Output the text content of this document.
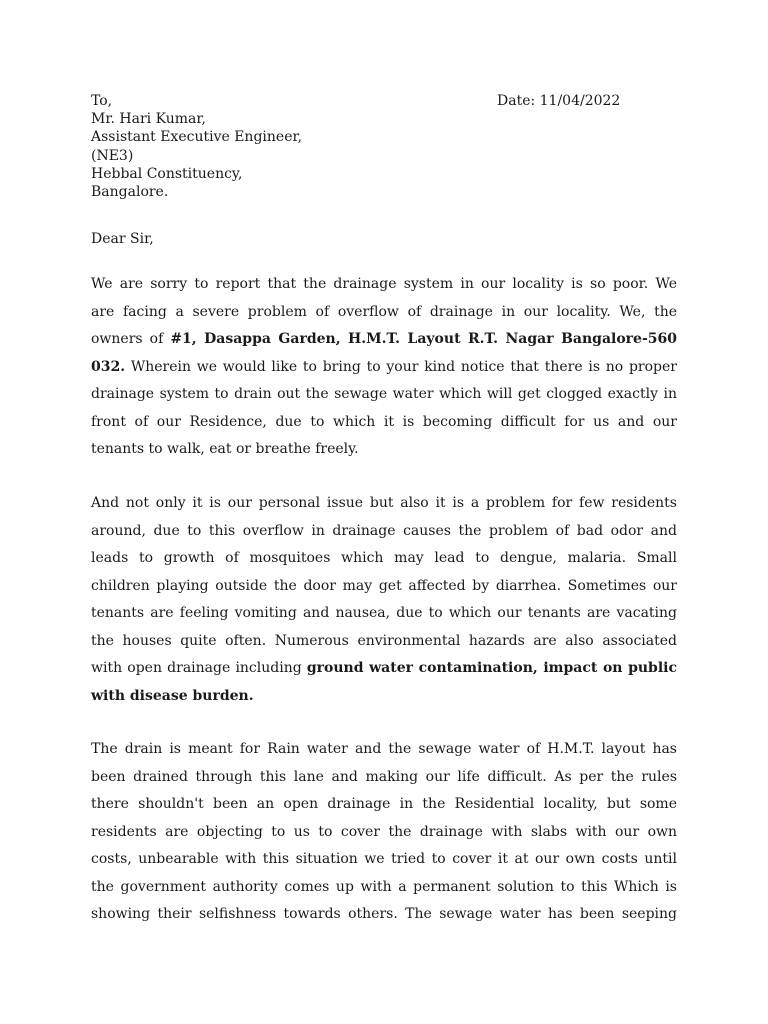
To,
Mr. Hari Kumar,
Assistant Executive Engineer,
(NE3)
Hebbal Constituency,
Bangalore.
Date: 11/04/2022
Dear Sir,
We are sorry to report that the drainage system in our locality is so poor. We
are facing a severe problem of overflow of drainage in our locality. We, the
owners of #1, Dasappa Garden, H.M.T. Layout R.T. Nagar Bangalore-560
032. Wherein we would like to bring to your kind notice that there is no proper
drainage system to drain out the sewage water which will get clogged exactly in
front of our Residence, due to which it is becoming difficult for us and our
tenants to walk, eat or breathe freely.
And not only it is our personal issue but also it is a problem for few residents
around, due to this overflow in drainage causes the problem of bad odor and
leads to growth of mosquitoes which may lead to dengue, malaria. Small
children playing outside the door may get affected by diarrhea. Sometimes our
tenants are feeling vomiting and nausea, due to which our tenants are vacating
the houses quite often. Numerous environmental hazards are also associated
with open drainage including ground water contamination, impact on public
with disease burden.
The drain is meant for Rain water and the sewage water of H.M.T. layout has
been drained through this lane and making our life difficult. As per the rules
there shouldn't been an open drainage in the Residential locality, but some
residents are objecting to us to cover the drainage with slabs with our own
costs, unbearable with this situation we tried to cover it at our own costs until
the government authority comes up with a permanent solution to this Which is
showing their selfishness towards others. The sewage water has been seeping
